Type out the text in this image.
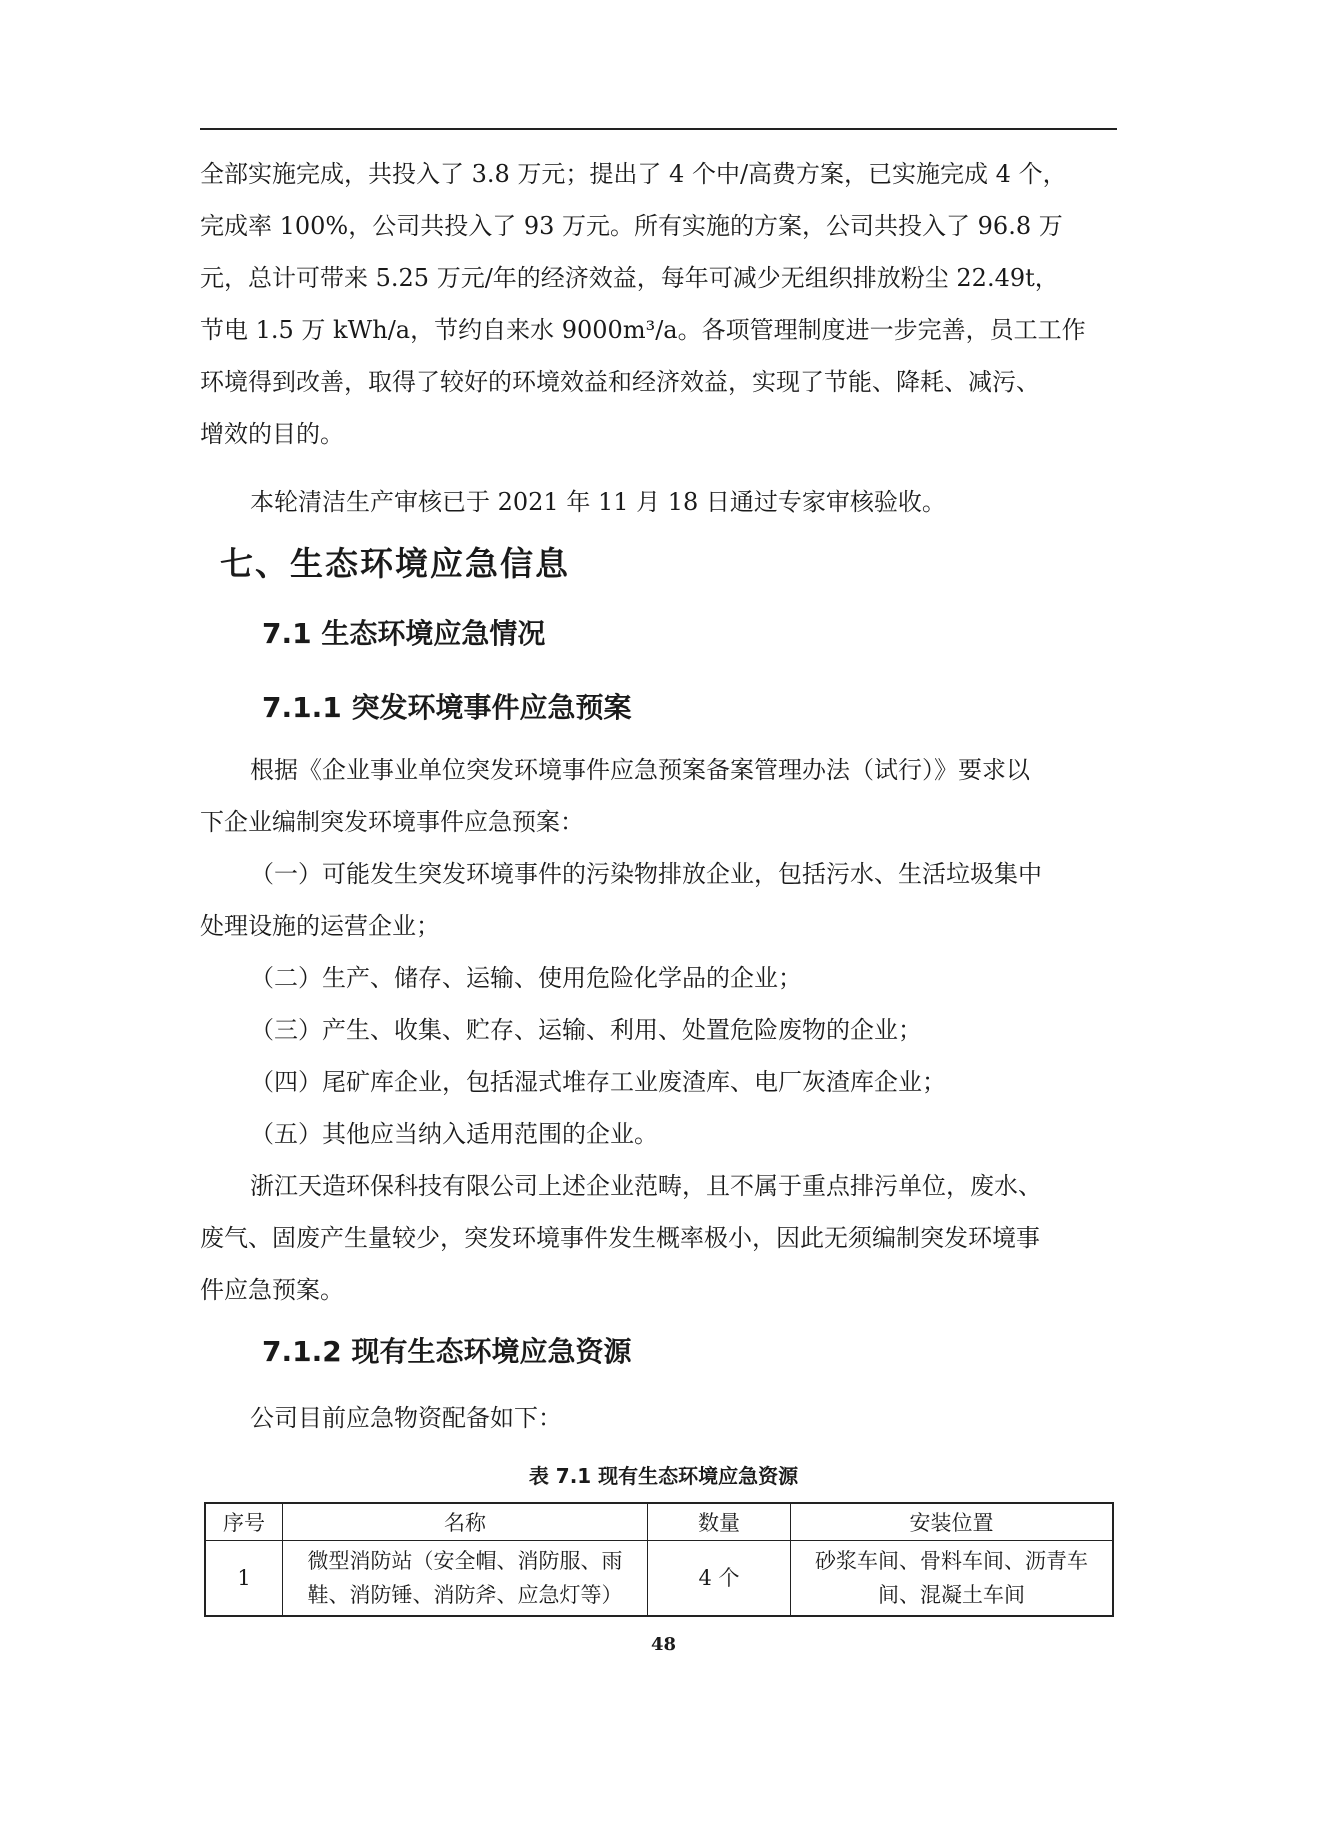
全部实施完成，共投入了 3.8 万元；提出了 4 个中/高费方案，已实施完成 4 个，
完成率 100%，公司共投入了 93 万元。所有实施的方案，公司共投入了 96.8 万
元，总计可带来 5.25 万元/年的经济效益，每年可减少无组织排放粉尘 22.49t，
节电 1.5 万 kWh/a，节约自来水 9000m³/a。各项管理制度进一步完善，员工工作
环境得到改善，取得了较好的环境效益和经济效益，实现了节能、降耗、减污、
增效的目的。
本轮清洁生产审核已于 2021 年 11 月 18 日通过专家审核验收。
七、生态环境应急信息
7.1 生态环境应急情况
7.1.1 突发环境事件应急预案
根据《企业事业单位突发环境事件应急预案备案管理办法（试行）》要求以
下企业编制突发环境事件应急预案：
（一）可能发生突发环境事件的污染物排放企业，包括污水、生活垃圾集中
处理设施的运营企业；
（二）生产、储存、运输、使用危险化学品的企业；
（三）产生、收集、贮存、运输、利用、处置危险废物的企业；
（四）尾矿库企业，包括湿式堆存工业废渣库、电厂灰渣库企业；
（五）其他应当纳入适用范围的企业。
浙江天造环保科技有限公司上述企业范畴，且不属于重点排污单位，废水、
废气、固废产生量较少，突发环境事件发生概率极小，因此无须编制突发环境事
件应急预案。
7.1.2 现有生态环境应急资源
公司目前应急物资配备如下：
表 7.1 现有生态环境应急资源
序号	名称	数量	安装位置
1	微型消防站（安全帽、消防服、雨
鞋、消防锤、消防斧、应急灯等）	4 个	砂浆车间、骨料车间、沥青车
间、混凝土车间
48
